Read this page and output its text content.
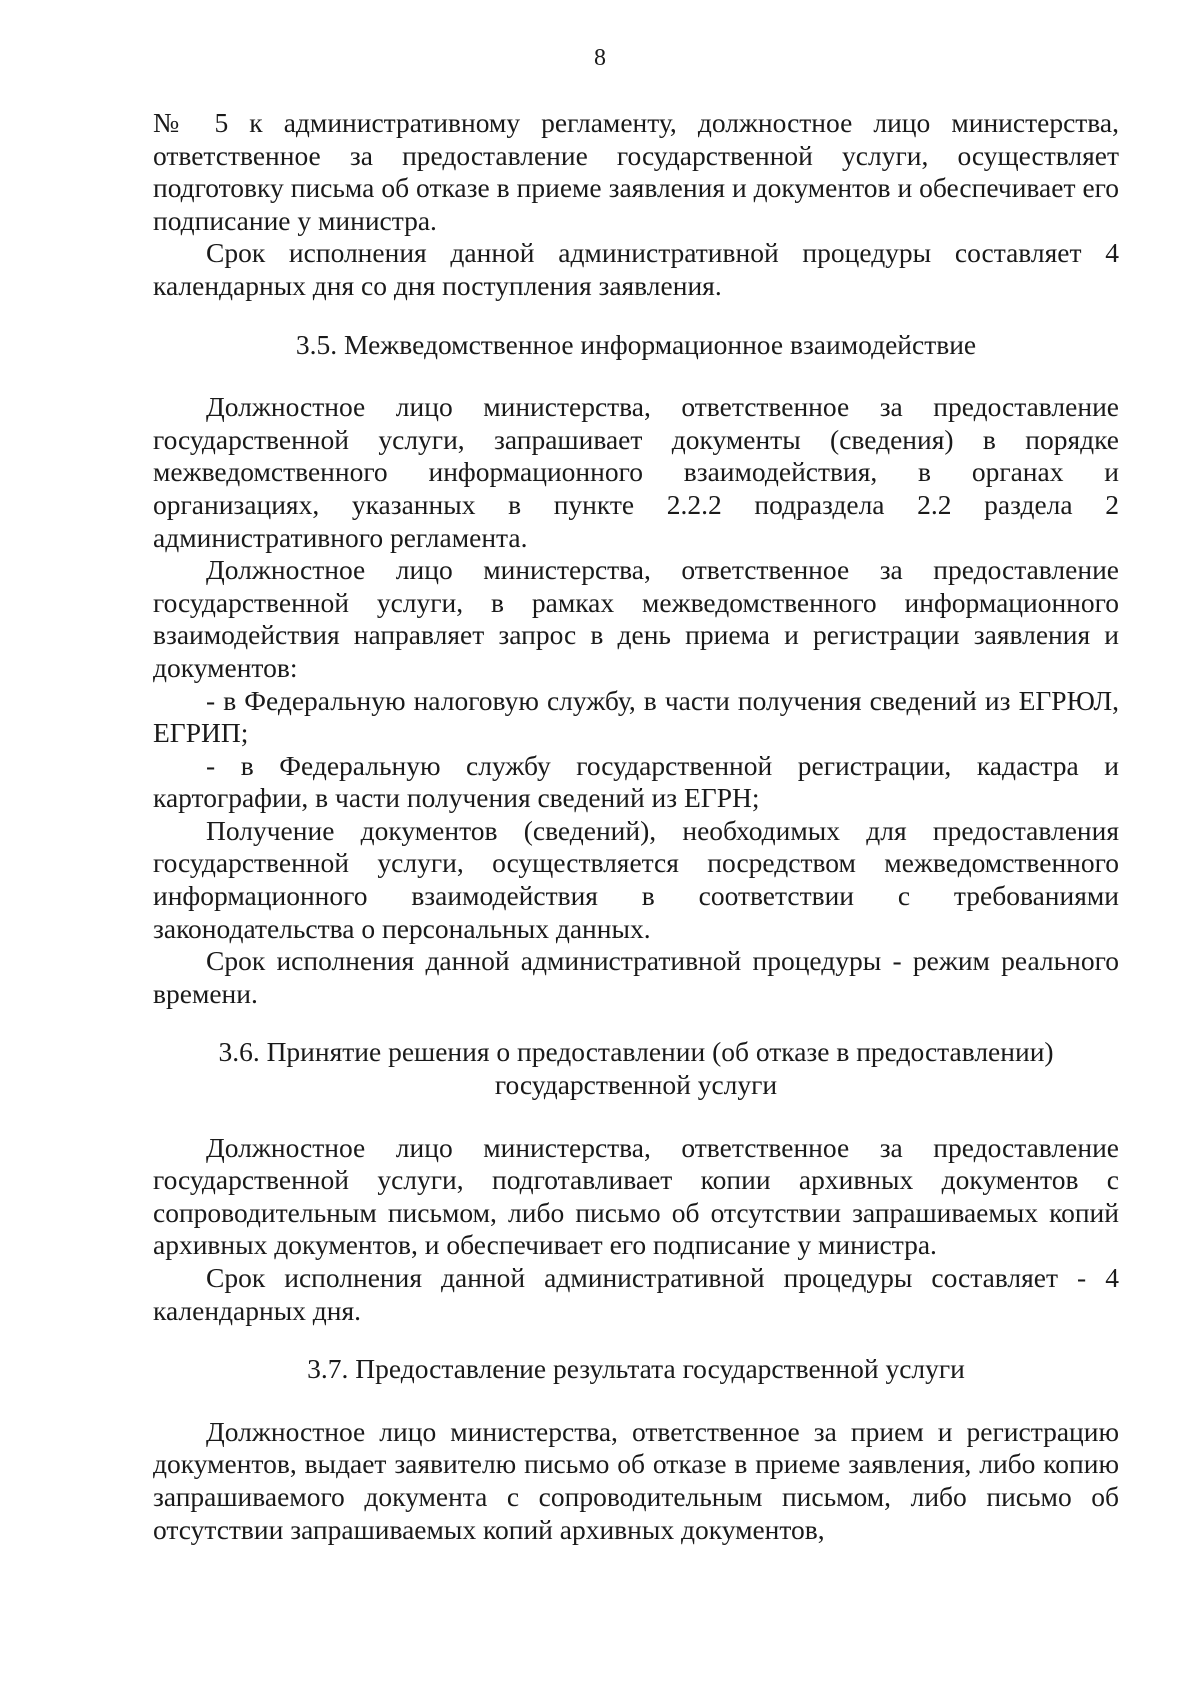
8

№ 5 к административному регламенту, должностное лицо министерства, ответственное за предоставление государственной услуги, осуществляет подготовку письма об отказе в приеме заявления и документов и обеспечивает его подписание у министра.

Срок исполнения данной административной процедуры составляет 4 календарных дня со дня поступления заявления.

3.5. Межведомственное информационное взаимодействие

Должностное лицо министерства, ответственное за предоставление государственной услуги, запрашивает документы (сведения) в порядке межведомственного информационного взаимодействия, в органах и организациях, указанных в пункте 2.2.2 подраздела 2.2 раздела 2 административного регламента.

Должностное лицо министерства, ответственное за предоставление государственной услуги, в рамках межведомственного информационного взаимодействия направляет запрос в день приема и регистрации заявления и документов:

- в Федеральную налоговую службу, в части получения сведений из ЕГРЮЛ, ЕГРИП;

- в Федеральную службу государственной регистрации, кадастра и картографии, в части получения сведений из ЕГРН;

Получение документов (сведений), необходимых для предоставления государственной услуги, осуществляется посредством межведомственного информационного взаимодействия в соответствии с требованиями законодательства о персональных данных.

Срок исполнения данной административной процедуры - режим реального времени.

3.6. Принятие решения о предоставлении (об отказе в предоставлении)
государственной услуги

Должностное лицо министерства, ответственное за предоставление государственной услуги, подготавливает копии архивных документов с сопроводительным письмом, либо письмо об отсутствии запрашиваемых копий архивных документов, и обеспечивает его подписание у министра.

Срок исполнения данной административной процедуры составляет - 4 календарных дня.

3.7. Предоставление результата государственной услуги

Должностное лицо министерства, ответственное за прием и регистрацию документов, выдает заявителю письмо об отказе в приеме заявления, либо копию запрашиваемого документа с сопроводительным письмом, либо письмо об отсутствии запрашиваемых копий архивных документов,
